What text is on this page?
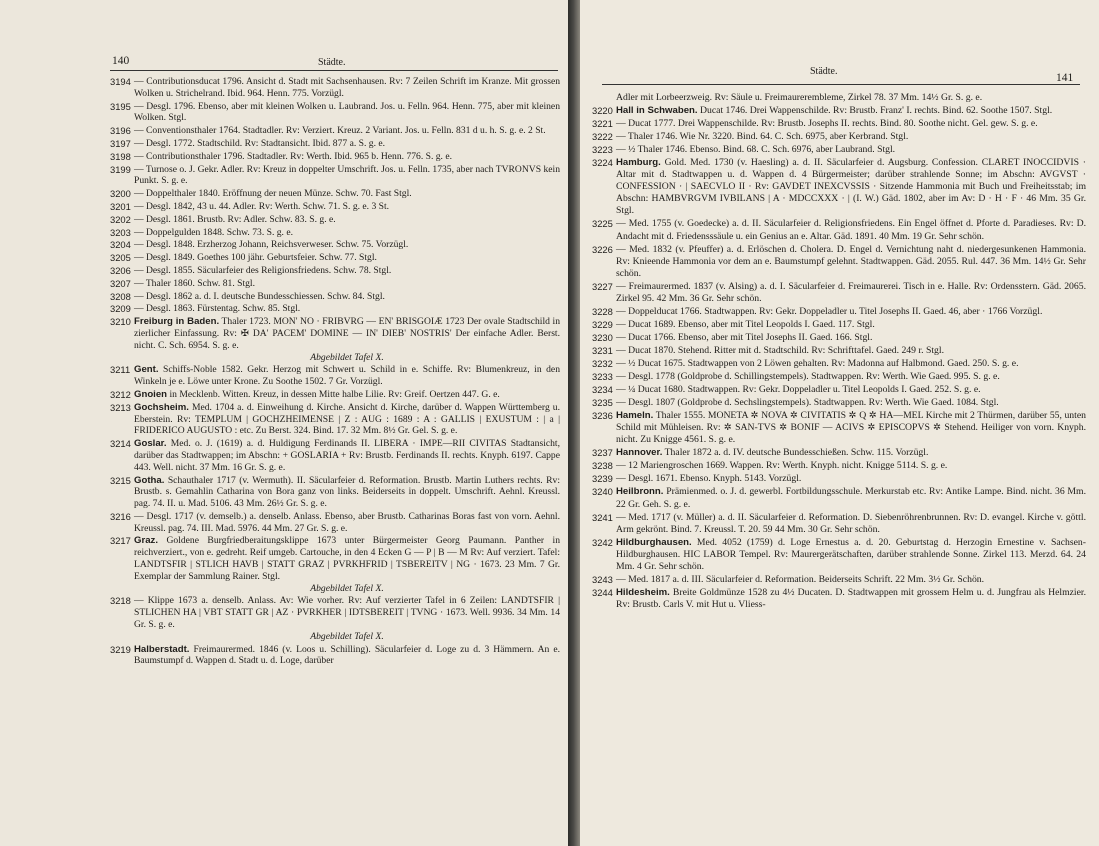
140	Städte.
3194 — Contributionsducat 1796. Ansicht d. Stadt mit Sachsenhausen. Rv: 7 Zeilen Schrift im Kranze. Mit grossen Wolken u. Strichelrand. Ibid. 964. Henn. 775. Vorzügl.
3195 — Desgl. 1796. Ebenso, aber mit kleinen Wolken u. Laubrand. Jos. u. Felln. 964. Henn. 775, aber mit kleinen Wolken. Stgl.
3196 — Conventionsthaler 1764. Stadtadler. Rv: Verziert. Kreuz. 2 Variant. Jos. u. Felln. 831 d u. h. S. g. e. 2 St.
3197 — Desgl. 1772. Stadtschild. Rv: Stadtansicht. Ibid. 877 a. S. g. e.
3198 — Contributionsthaler 1796. Stadtadler. Rv: Werth. Ibid. 965 b. Henn. 776. S. g. e.
3199 — Turnose o. J. Gekr. Adler. Rv: Kreuz in doppelter Umschrift. Jos. u. Felln. 1735, aber nach TVRONVS kein Punkt. S. g. e.
3200 — Doppelthaler 1840. Eröffnung der neuen Münze. Schw. 70. Fast Stgl.
3201 — Desgl. 1842, 43 u. 44. Adler. Rv: Werth. Schw. 71. S. g. e. 3 St.
3202 — Desgl. 1861. Brustb. Rv: Adler. Schw. 83. S. g. e.
3203 — Doppelgulden 1848. Schw. 73. S. g. e.
3204 — Desgl. 1848. Erzherzog Johann, Reichsverweser. Schw. 75. Vorzügl.
3205 — Desgl. 1849. Goethes 100 jähr. Geburtsfeier. Schw. 77. Stgl.
3206 — Desgl. 1855. Säcularfeier des Religionsfriedens. Schw. 78. Stgl.
3207 — Thaler 1860. Schw. 81. Stgl.
3208 — Desgl. 1862 a. d. I. deutsche Bundesschiessen. Schw. 84. Stgl.
3209 — Desgl. 1863. Fürstentag. Schw. 85. Stgl.
3210 Freiburg in Baden. Thaler 1723. MON' NO · FRIBVRG — EN' BRISGOIÆ 1723 Der ovale Stadtschild in zierlicher Einfassung. Rv: ✠ DA' PACEM' DOMINE — IN' DIEB' NOSTRIS' Der einfache Adler. Berst. nicht. C. Sch. 6954. S. g. e.
Abgebildet Tafel X.
3211 Gent. Schiffs-Noble 1582. Gekr. Herzog mit Schwert u. Schild in e. Schiffe. Rv: Blumenkreuz, in den Winkeln je e. Löwe unter Krone. Zu Soothe 1502. 7 Gr. Vorzügl.
3212 Gnoien in Mecklenb. Witten. Kreuz, in dessen Mitte halbe Lilie. Rv: Greif. Oertzen 447. G. e.
3213 Gochsheim. Med. 1704 a. d. Einweihung d. Kirche. Ansicht d. Kirche, darüber d. Wappen Württemberg u. Eberstein. Rv: TEMPLUM | GOCHZHEIMENSE | Z : AUG : 1689 : A : GALLIS | EXUSTUM : | a | FRIDERICO AUGUSTO : etc. Zu Berst. 324. Bind. 17. 32 Mm. 8½ Gr. Gel. S. g. e.
3214 Goslar. Med. o. J. (1619) a. d. Huldigung Ferdinands II. LIBERA · IMPE—RII CIVITAS Stadtansicht, darüber das Stadtwappen; im Abschn: + GOSLARIA + Rv: Brustb. Ferdinands II. rechts. Knyph. 6197. Cappe 443. Well. nicht. 37 Mm. 16 Gr. S. g. e.
3215 Gotha. Schauthaler 1717 (v. Wermuth). II. Säcularfeier d. Reformation. Brustb. Martin Luthers rechts. Rv: Brustb. s. Gemahlin Catharina von Bora ganz von links. Beiderseits in doppelt. Umschrift. Aehnl. Kreussl. pag. 74. II. u. Mad. 5106. 43 Mm. 26½ Gr. S. g. e.
3216 — Desgl. 1717 (v. demselb.) a. denselb. Anlass. Ebenso, aber Brustb. Catharinas Boras fast von vorn. Aehnl. Kreussl. pag. 74. III. Mad. 5976. 44 Mm. 27 Gr. S. g. e.
3217 Graz. Goldene Burgfriedberaitungsklippe 1673 unter Bürgermeister Georg Paumann. Panther in reichverziert., von e. gedreht. Reif umgeb. Cartouche, in den 4 Ecken G — P | B — M Rv: Auf verziert. Tafel: LANDTSFIR | STLICH HAVB | STATT GRAZ | PVRKHFRID | TSBEREITV | NG · 1673. 23 Mm. 7 Gr. Exemplar der Sammlung Rainer. Stgl.
Abgebildet Tafel X.
3218 — Klippe 1673 a. denselb. Anlass. Av: Wie vorher. Rv: Auf verzierter Tafel in 6 Zeilen: LANDTSFIR | STLICHEN HA | VBT STATT GR | AZ · PVRKHER | IDTSBEREIT | TVNG · 1673. Well. 9936. 34 Mm. 14 Gr. S. g. e.
Abgebildet Tafel X.
3219 Halberstadt. Freimaurermed. 1846 (v. Loos u. Schilling). Säcularfeier d. Loge zu d. 3 Hämmern. An e. Baumstumpf d. Wappen d. Stadt u. d. Loge, darüber
Städte.
141
Adler mit Lorbeerzweig. Rv: Säule u. Freimaurerembleme, Zirkel 78. 37 Mm. 14½ Gr. S. g. e.
3220 Hall in Schwaben. Ducat 1746. Drei Wappenschilde. Rv: Brustb. Franz' I. rechts. Bind. 62. Soothe 1507. Stgl.
3221 — Ducat 1777. Drei Wappenschilde. Rv: Brustb. Josephs II. rechts. Bind. 80. Soothe nicht. Gel. gew. S. g. e.
3222 — Thaler 1746. Wie Nr. 3220. Bind. 64. C. Sch. 6975, aber Kerbrand. Stgl.
3223 — ½ Thaler 1746. Ebenso. Bind. 68. C. Sch. 6976, aber Laubrand. Stgl.
3224 Hamburg. Gold. Med. 1730 (v. Haesling) a. d. II. Säcularfeier d. Augsburg. Confession. CLARET INOCCIDVIS · Altar mit d. Stadtwappen u. d. Wappen d. 4 Bürgermeister; darüber strahlende Sonne; im Abschn: AVGVST · CONFESSION · | SAECVLO II · Rv: GAVDET INEXCVSSIS · Sitzende Hammonia mit Buch und Freiheitsstab; im Abschn: HAMBVRGVM IVBILANS | A · MDCCXXX · | (I. W.) Gäd. 1802, aber im Av: D · H · F · 46 Mm. 35 Gr. Stgl.
3225 — Med. 1755 (v. Goedecke) a. d. II. Säcularfeier d. Religionsfriedens. Ein Engel öffnet d. Pforte d. Paradieses. Rv: D. Andacht mit d. Friedensssäule u. ein Genius an e. Altar. Gäd. 1891. 40 Mm. 19 Gr. Sehr schön.
3226 — Med. 1832 (v. Pfeuffer) a. d. Erlöschen d. Cholera. D. Engel d. Vernichtung naht d. niedergesunkenen Hammonia. Rv: Knieende Hammonia vor dem an e. Baumstumpf gelehnt. Stadtwappen. Gäd. 2055. Rul. 447. 36 Mm. 14½ Gr. Sehr schön.
3227 — Freimaurermed. 1837 (v. Alsing) a. d. I. Säcularfeier d. Freimaurerei. Tisch in e. Halle. Rv: Ordensstern. Gäd. 2065. Zirkel 95. 42 Mm. 36 Gr. Sehr schön.
3228 — Doppelducat 1766. Stadtwappen. Rv: Gekr. Doppeladler u. Titel Josephs II. Gaed. 46, aber · 1766 Vorzügl.
3229 — Ducat 1689. Ebenso, aber mit Titel Leopolds I. Gaed. 117. Stgl.
3230 — Ducat 1766. Ebenso, aber mit Titel Josephs II. Gaed. 166. Stgl.
3231 — Ducat 1870. Stehend. Ritter mit d. Stadtschild. Rv: Schrifttafel. Gaed. 249 r. Stgl.
3232 — ½ Ducat 1675. Stadtwappen von 2 Löwen gehalten. Rv: Madonna auf Halbmond. Gaed. 250. S. g. e.
3233 — Desgl. 1778 (Goldprobe d. Schillingstempels). Stadtwappen. Rv: Werth. Wie Gaed. 995. S. g. e.
3234 — ¼ Ducat 1680. Stadtwappen. Rv: Gekr. Doppeladler u. Titel Leopolds I. Gaed. 252. S. g. e.
3235 — Desgl. 1807 (Goldprobe d. Sechslingstempels). Stadtwappen. Rv: Werth. Wie Gaed. 1084. Stgl.
3236 Hameln. Thaler 1555. MONETA ✲ NOVA ✲ CIVITATIS ✲ Q ✲ HA—MEL Kirche mit 2 Thürmen, darüber 55, unten Schild mit Mühleisen. Rv: ✲ SAN-TVS ✲ BONIF — ACIVS ✲ EPISCOPVS ✲ Stehend. Heiliger von vorn. Knyph. nicht. Zu Knigge 4561. S. g. e.
3237 Hannover. Thaler 1872 a. d. IV. deutsche Bundesschießen. Schw. 115. Vorzügl.
3238 — 12 Mariengroschen 1669. Wappen. Rv: Werth. Knyph. nicht. Knigge 5114. S. g. e.
3239 — Desgl. 1671. Ebenso. Knyph. 5143. Vorzügl.
3240 Heilbronn. Prämienmed. o. J. d. gewerbl. Fortbildungsschule. Merkurstab etc. Rv: Antike Lampe. Bind. nicht. 36 Mm. 22 Gr. Geh. S. g. e.
3241 — Med. 1717 (v. Müller) a. d. II. Säcularfeier d. Reformation. D. Siebenröhrenbrunnen. Rv: D. evangel. Kirche v. göttl. Arm gekrönt. Bind. 7. Kreussl. T. 20. 59 44 Mm. 30 Gr. Sehr schön.
3242 Hildburghausen. Med. 4052 (1759) d. Loge Ernestus a. d. 20. Geburtstag d. Herzogin Ernestine v. Sachsen-Hildburghausen. HIC LABOR Tempel. Rv: Maurergerätschaften, darüber strahlende Sonne. Zirkel 113. Merzd. 64. 24 Mm. 4 Gr. Sehr schön.
3243 — Med. 1817 a. d. III. Säcularfeier d. Reformation. Beiderseits Schrift. 22 Mm. 3½ Gr. Schön.
3244 Hildesheim. Breite Goldmünze 1528 zu 4½ Ducaten. D. Stadtwappen mit grossem Helm u. d. Jungfrau als Helmzier. Rv: Brustb. Carls V. mit Hut u. Vliess-
